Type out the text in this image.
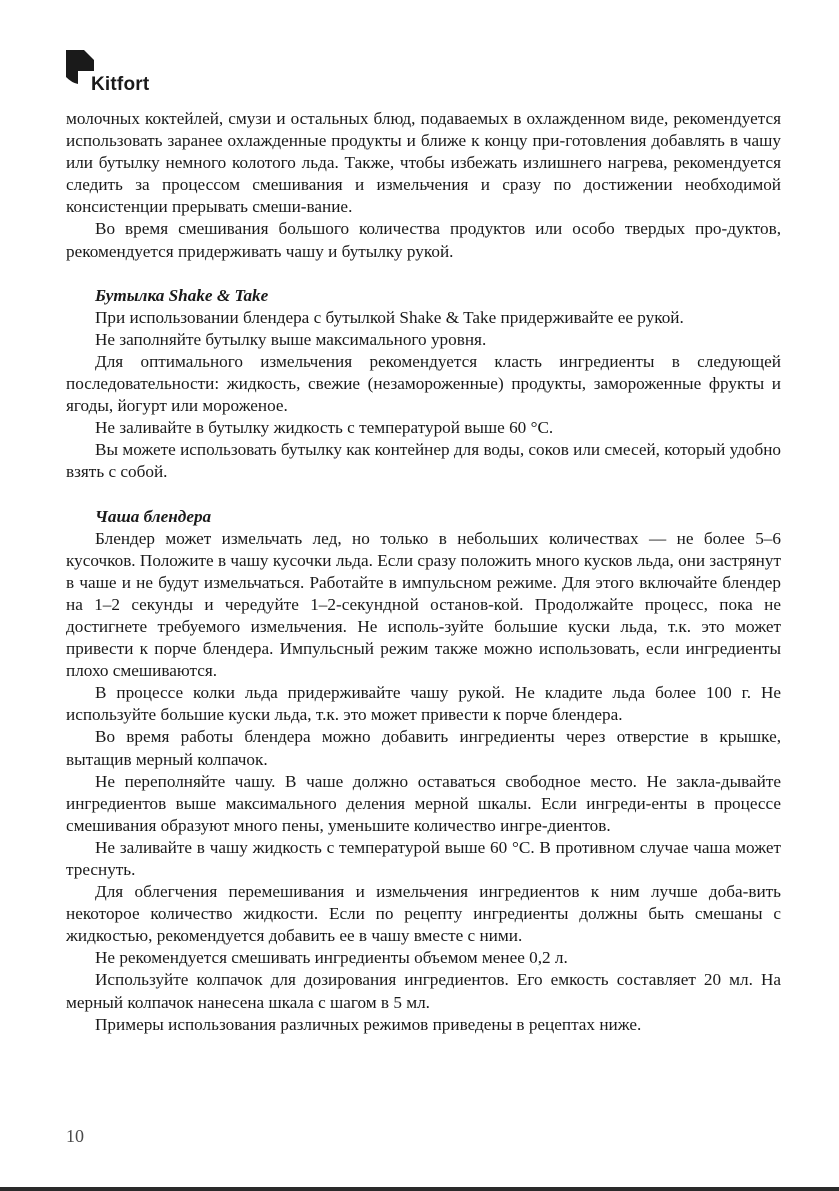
Kitfort

молочных коктейлей, смузи и остальных блюд, подаваемых в охлажденном виде, рекомендуется использовать заранее охлажденные продукты и ближе к концу при-готовления добавлять в чашу или бутылку немного колотого льда. Также, чтобы избежать излишнего нагрева, рекомендуется следить за процессом смешивания и измельчения и сразу по достижении необходимой консистенции прерывать смеши-вание.

Во время смешивания большого количества продуктов или особо твердых про-дуктов, рекомендуется придерживать чашу и бутылку рукой.

Бутылка Shake & Take

При использовании блендера с бутылкой Shake & Take придерживайте ее рукой.

Не заполняйте бутылку выше максимального уровня.

Для оптимального измельчения рекомендуется класть ингредиенты в следующей последовательности: жидкость, свежие (незамороженные) продукты, замороженные фрукты и ягоды, йогурт или мороженое.

Не заливайте в бутылку жидкость с температурой выше 60 °С.

Вы можете использовать бутылку как контейнер для воды, соков или смесей, который удобно взять с собой.

Чаша блендера

Блендер может измельчать лед, но только в небольших количествах — не более 5–6 кусочков. Положите в чашу кусочки льда. Если сразу положить много кусков льда, они застрянут в чаше и не будут измельчаться. Работайте в импульсном режиме. Для этого включайте блендер на 1–2 секунды и чередуйте 1–2-секундной останов-кой. Продолжайте процесс, пока не достигнете требуемого измельчения. Не исполь-зуйте большие куски льда, т.к. это может привести к порче блендера. Импульсный режим также можно использовать, если ингредиенты плохо смешиваются.

В процессе колки льда придерживайте чашу рукой. Не кладите льда более 100 г. Не используйте большие куски льда, т.к. это может привести к порче блендера.

Во время работы блендера можно добавить ингредиенты через отверстие в крышке, вытащив мерный колпачок.

Не переполняйте чашу. В чаше должно оставаться свободное место. Не закла-дывайте ингредиентов выше максимального деления мерной шкалы. Если ингреди-енты в процессе смешивания образуют много пены, уменьшите количество ингре-диентов.

Не заливайте в чашу жидкость с температурой выше 60 °С. В противном случае чаша может треснуть.

Для облегчения перемешивания и измельчения ингредиентов к ним лучше доба-вить некоторое количество жидкости. Если по рецепту ингредиенты должны быть смешаны с жидкостью, рекомендуется добавить ее в чашу вместе с ними.

Не рекомендуется смешивать ингредиенты объемом менее 0,2 л.

Используйте колпачок для дозирования ингредиентов. Его емкость составляет 20 мл. На мерный колпачок нанесена шкала с шагом в 5 мл.

Примеры использования различных режимов приведены в рецептах ниже.

10
